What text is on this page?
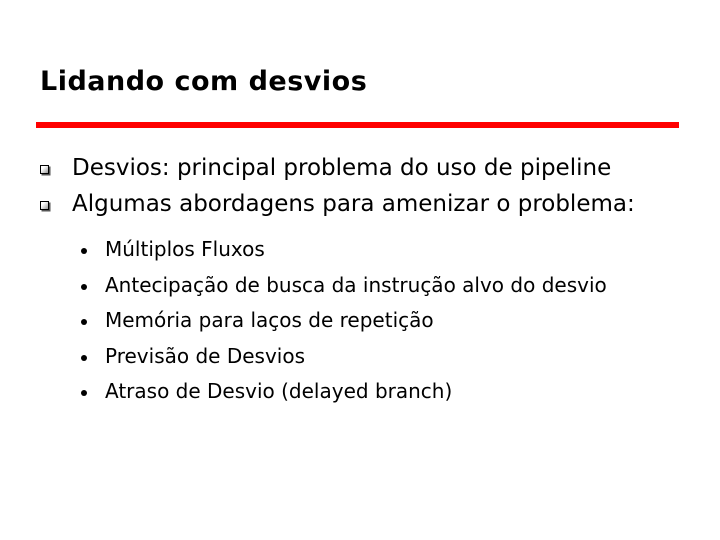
Lidando com desvios
Desvios: principal problema do uso de pipeline
Algumas abordagens para amenizar o problema:
Múltiplos Fluxos
Antecipação de busca da instrução alvo do desvio
Memória para laços de repetição
Previsão de Desvios
Atraso de Desvio (delayed branch)
